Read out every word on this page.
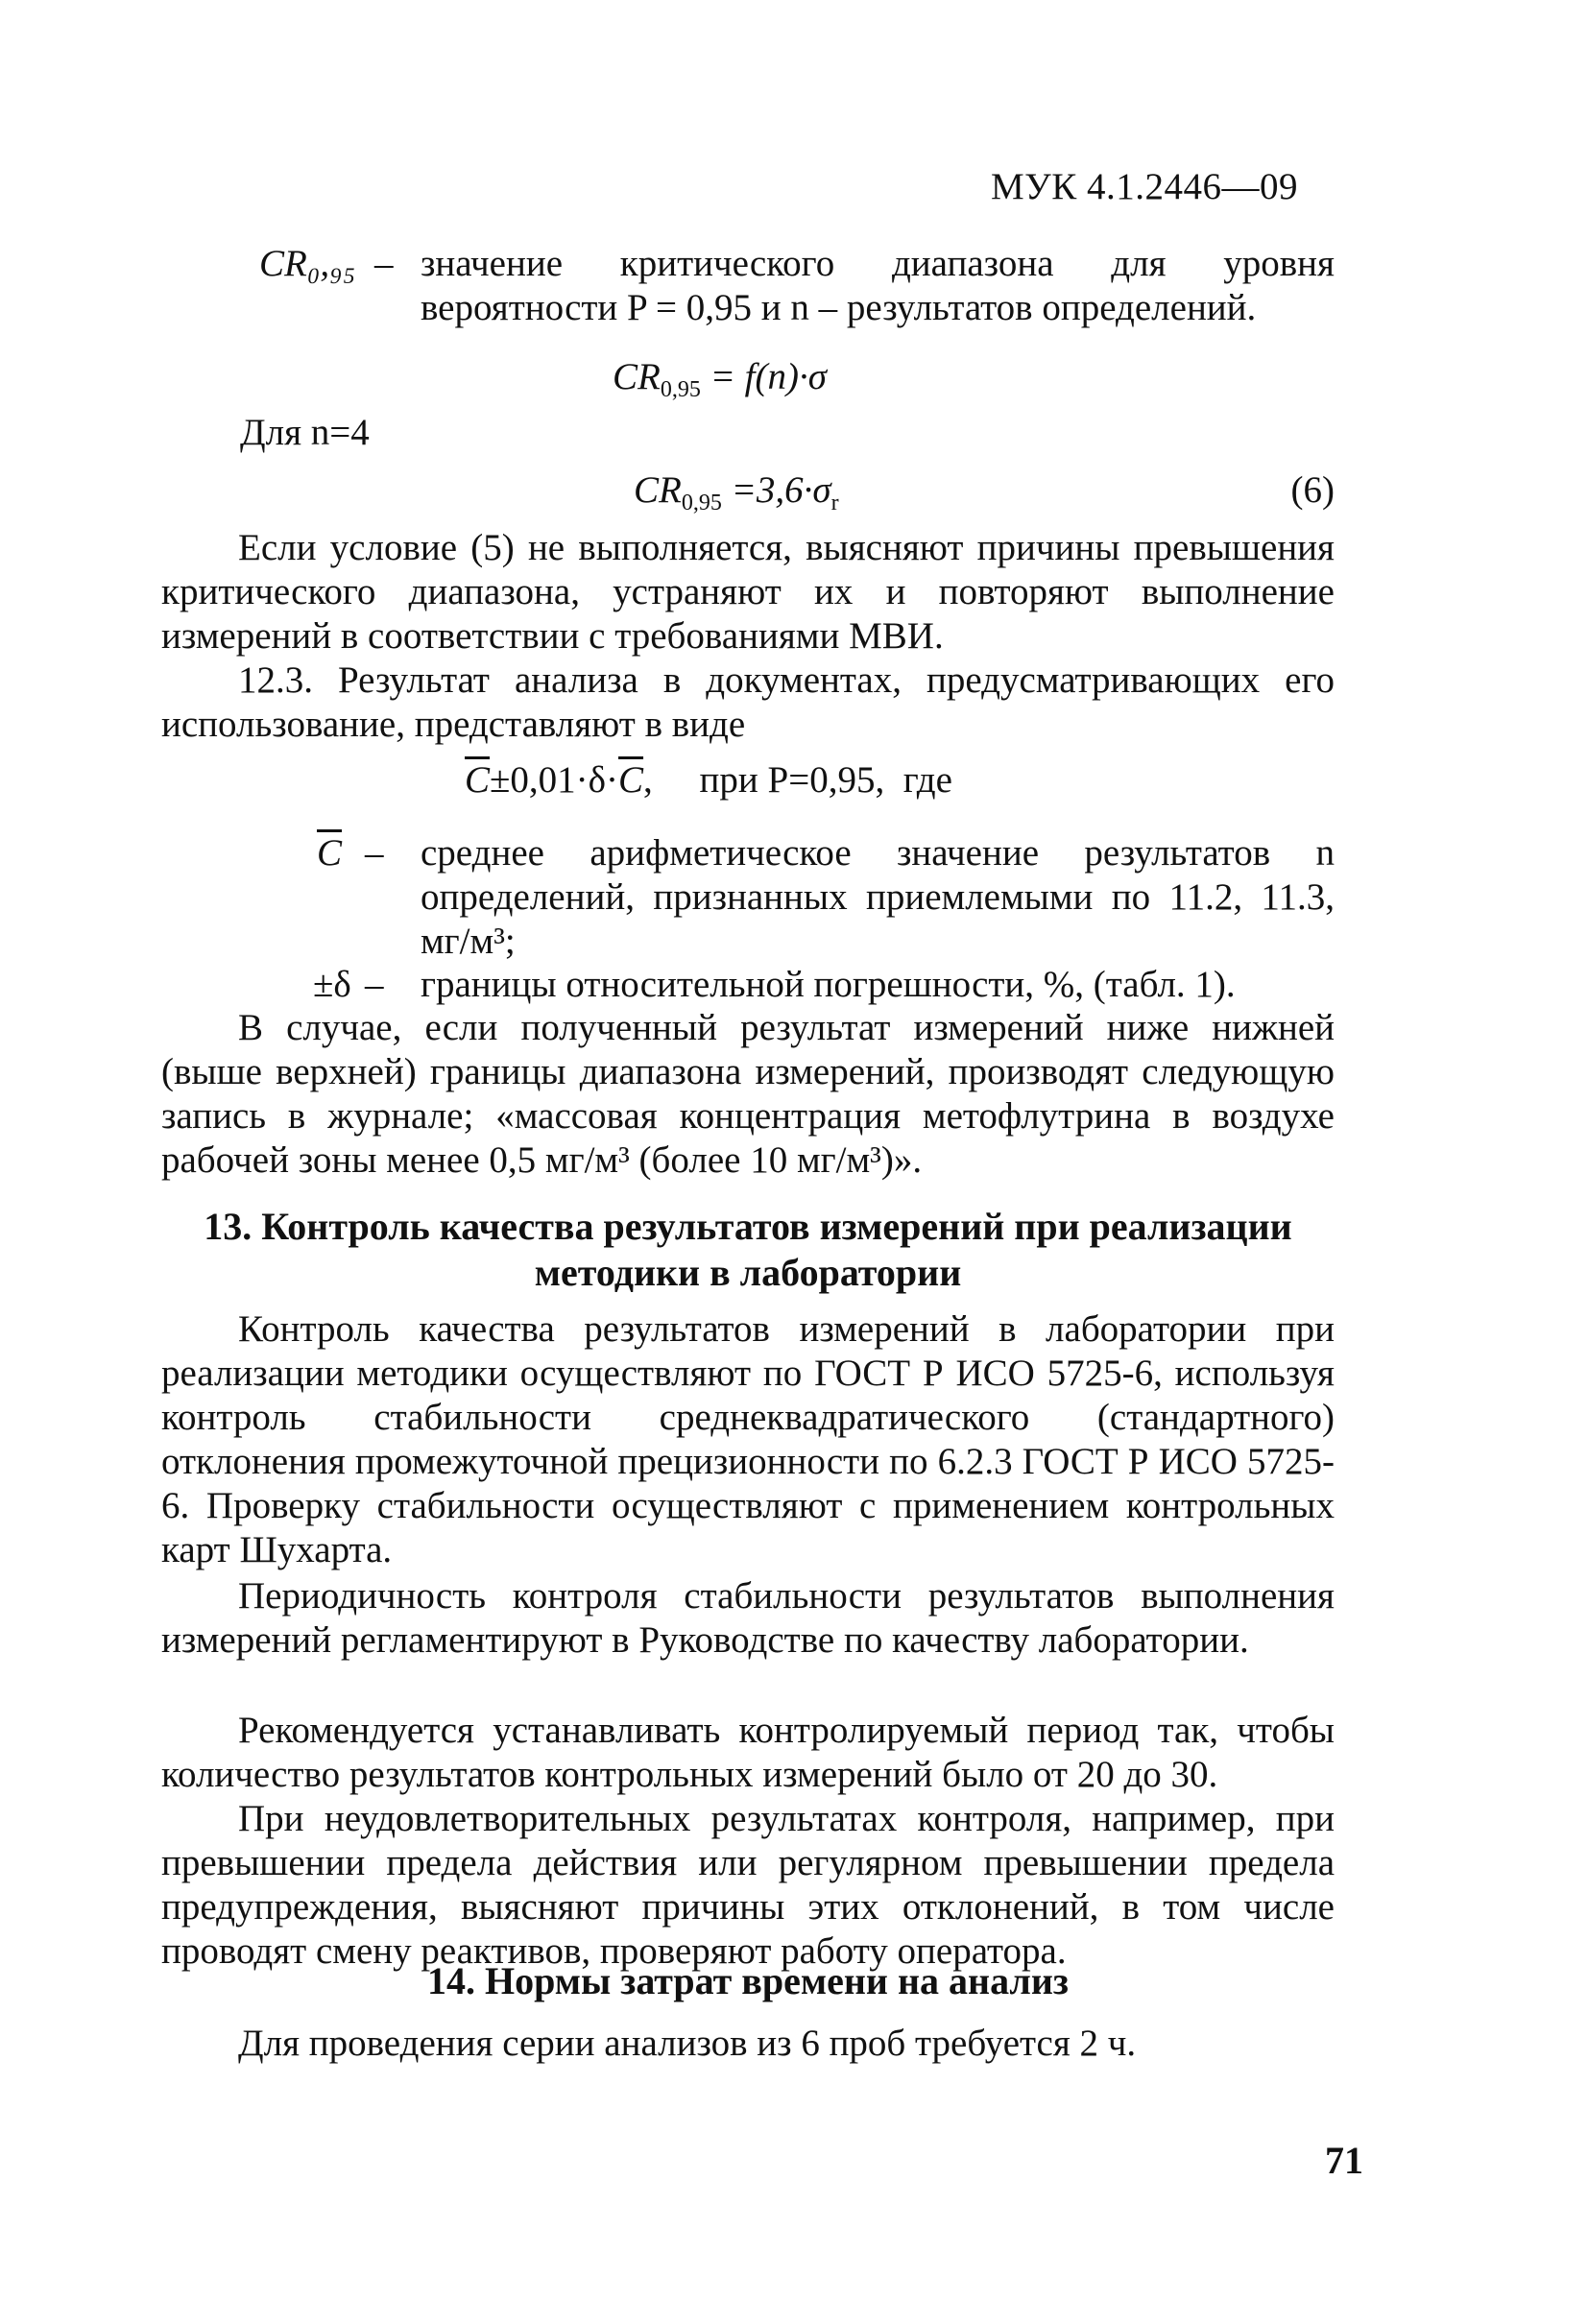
МУК 4.1.2446—09
CR₀,₉₅ – значение критического диапазона для уровня вероятности P = 0,95 и n – результатов определений.
$CR_{0,95} = f(n)\cdot\sigma$
Для n=4
$CR_{0,95} =3,6\cdot\sigma_r$	(6)
Если условие (5) не выполняется, выясняют причины превышения критического диапазона, устраняют их и повторяют выполнение измерений в соответствии с требованиями МВИ.
12.3. Результат анализа в документах, предусматривающих его использование, представляют в виде
$\overline{C}\pm 0,01\cdot\delta\cdot\overline{C}$,     при Р=0,95,  где
$\overline{C}$ – среднее арифметическое значение результатов n определений, признанных приемлемыми по 11.2, 11.3, мг/м³;
±δ – границы относительной погрешности, %, (табл. 1).
В случае, если полученный результат измерений ниже нижней (выше верхней) границы диапазона измерений, производят следующую запись в журнале; «массовая концентрация метофлутрина в воздухе рабочей зоны менее 0,5 мг/м³ (более 10 мг/м³)».
13. Контроль качества результатов измерений при реализации методики в лаборатории
Контроль качества результатов измерений в лаборатории при реализации методики осуществляют по ГОСТ Р ИСО 5725-6, используя контроль стабильности среднеквадратического (стандартного) отклонения промежуточной прецизионности по 6.2.3 ГОСТ Р ИСО 5725-6. Проверку стабильности осуществляют с применением контрольных карт Шухарта.
Периодичность контроля стабильности результатов выполнения измерений регламентируют в Руководстве по качеству лаборатории.
Рекомендуется устанавливать контролируемый период так, чтобы количество результатов контрольных измерений было от 20 до 30.
При неудовлетворительных результатах контроля, например, при превышении предела действия или регулярном превышении предела предупреждения, выясняют причины этих отклонений, в том числе проводят смену реактивов, проверяют работу оператора.
14. Нормы затрат времени на анализ
Для проведения серии анализов из 6 проб требуется 2 ч.
71
